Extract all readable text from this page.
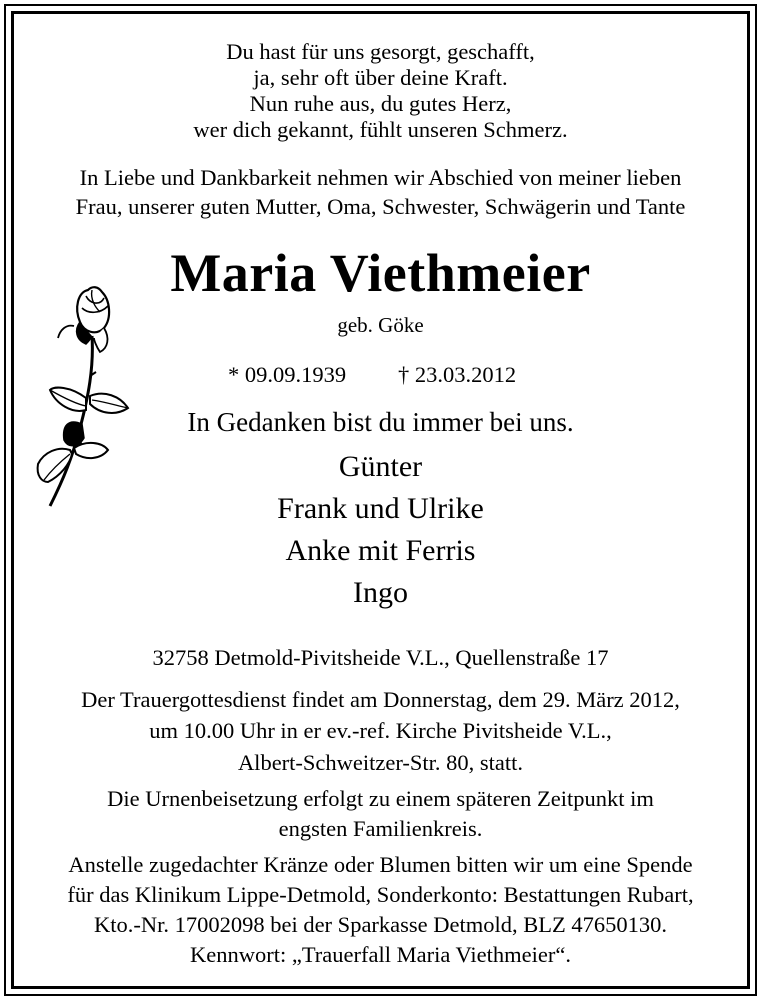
Du hast für uns gesorgt, geschafft,
ja, sehr oft über deine Kraft.
Nun ruhe aus, du gutes Herz,
wer dich gekannt, fühlt unseren Schmerz.
In Liebe und Dankbarkeit nehmen wir Abschied von meiner lieben
Frau, unserer guten Mutter, Oma, Schwester, Schwägerin und Tante
Maria Viethmeier
geb. Göke
* 09.09.1939 † 23.03.2012
In Gedanken bist du immer bei uns.
Günter
Frank und Ulrike
Anke mit Ferris
Ingo
32758 Detmold-Pivitsheide V.L., Quellenstraße 17
Der Trauergottesdienst findet am Donnerstag, dem 29. März 2012,
um 10.00 Uhr in er ev.-ref. Kirche Pivitsheide V.L.,
Albert-Schweitzer-Str. 80, statt.
Die Urnenbeisetzung erfolgt zu einem späteren Zeitpunkt im
engsten Familienkreis.
Anstelle zugedachter Kränze oder Blumen bitten wir um eine Spende
für das Klinikum Lippe-Detmold, Sonderkonto: Bestattungen Rubart,
Kto.-Nr. 17002098 bei der Sparkasse Detmold, BLZ 47650130.
Kennwort: „Trauerfall Maria Viethmeier“.
